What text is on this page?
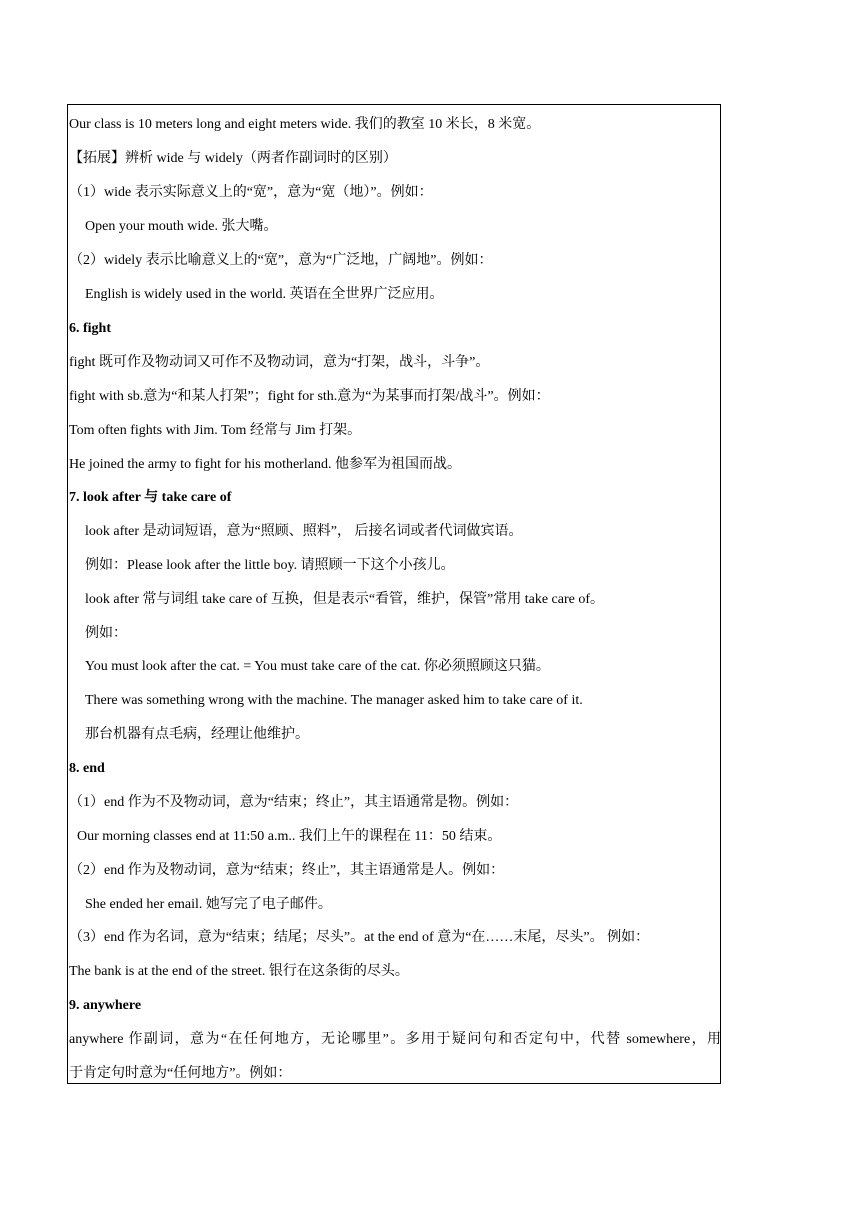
Our class is 10 meters long and eight meters wide. 我们的教室 10 米长，8 米宽。
【拓展】辨析 wide 与 widely（两者作副词时的区别）
（1）wide 表示实际意义上的“宽”，意为“宽（地）”。例如：
Open your mouth wide. 张大嘴。
（2）widely 表示比喻意义上的“宽”，意为“广泛地，广阔地”。例如：
English is widely used in the world. 英语在全世界广泛应用。
6. fight
fight 既可作及物动词又可作不及物动词，意为“打架，战斗，斗争”。
fight with sb.意为“和某人打架”；fight for sth.意为“为某事而打架/战斗”。例如：
Tom often fights with Jim. Tom 经常与 Jim 打架。
He joined the army to fight for his motherland. 他参军为祖国而战。
7. look after 与 take care of
look after 是动词短语，意为“照顾、照料”， 后接名词或者代词做宾语。
例如：Please look after the little boy. 请照顾一下这个小孩儿。
look after 常与词组 take care of 互换，但是表示“看管，维护，保管”常用 take care of。
例如：
You must look after the cat. = You must take care of the cat. 你必须照顾这只猫。
There was something wrong with the machine. The manager asked him to take care of it.
那台机器有点毛病，经理让他维护。
8. end
（1）end 作为不及物动词，意为“结束；终止”，其主语通常是物。例如：
Our morning classes end at 11:50 a.m.. 我们上午的课程在 11：50 结束。
（2）end 作为及物动词，意为“结束；终止”，其主语通常是人。例如：
She ended her email. 她写完了电子邮件。
（3）end 作为名词，意为“结束；结尾；尽头”。at the end of 意为“在……末尾，尽头”。 例如：
The bank is at the end of the street. 银行在这条街的尽头。
9. anywhere
anywhere 作副词，意为“在任何地方，无论哪里”。多用于疑问句和否定句中，代替 somewhere，用
于肯定句时意为“任何地方”。例如：
